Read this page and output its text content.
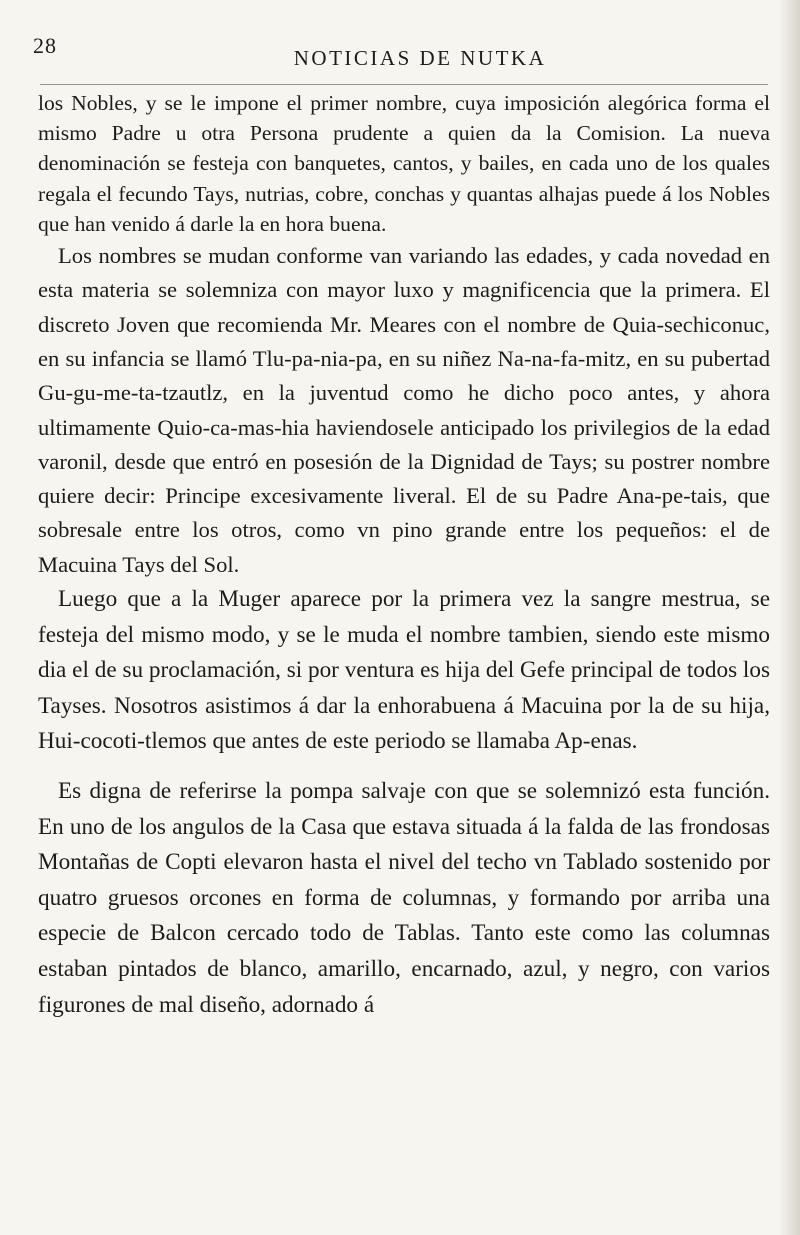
28	NOTICIAS DE NUTKA

los Nobles, y se le impone el primer nombre, cuya imposición alegórica forma el mismo Padre u otra Persona prudente a quien da la Comision. La nueva denominación se festeja con banquetes, cantos, y bailes, en cada uno de los quales regala el fecundo Tays, nutrias, cobre, conchas y quantas alhajas puede á los Nobles que han venido á darle la en hora buena.

Los nombres se mudan conforme van variando las edades, y cada novedad en esta materia se solemniza con mayor luxo y magnificencia que la primera. El discreto Joven que recomienda Mr. Meares con el nombre de Quia-sechiconuc, en su infancia se llamó Tlu-pa-nia-pa, en su niñez Na-na-fa-mitz, en su pubertad Gu-gu-me-ta-tzautlz, en la juventud como he dicho poco antes, y ahora ultimamente Quio-ca-mas-hia haviendosele anticipado los privilegios de la edad varonil, desde que entró en posesión de la Dignidad de Tays; su postrer nombre quiere decir: Principe excesivamente liveral. El de su Padre Ana-pe-tais, que sobresale entre los otros, como vn pino grande entre los pequeños: el de Macuina Tays del Sol.

Luego que a la Muger aparece por la primera vez la sangre mestrua, se festeja del mismo modo, y se le muda el nombre tambien, siendo este mismo dia el de su proclamación, si por ventura es hija del Gefe principal de todos los Tayses. Nosotros asistimos á dar la enhorabuena á Macuina por la de su hija, Hui-cocoti-tlemos que antes de este periodo se llamaba Ap-enas.

Es digna de referirse la pompa salvaje con que se solemnizó esta función. En uno de los angulos de la Casa que estava situada á la falda de las frondosas Montañas de Copti elevaron hasta el nivel del techo vn Tablado sostenido por quatro gruesos orcones en forma de columnas, y formando por arriba una especie de Balcon cercado todo de Tablas. Tanto este como las columnas estaban pintados de blanco, amarillo, encarnado, azul, y negro, con varios figurones de mal diseño, adornado á
